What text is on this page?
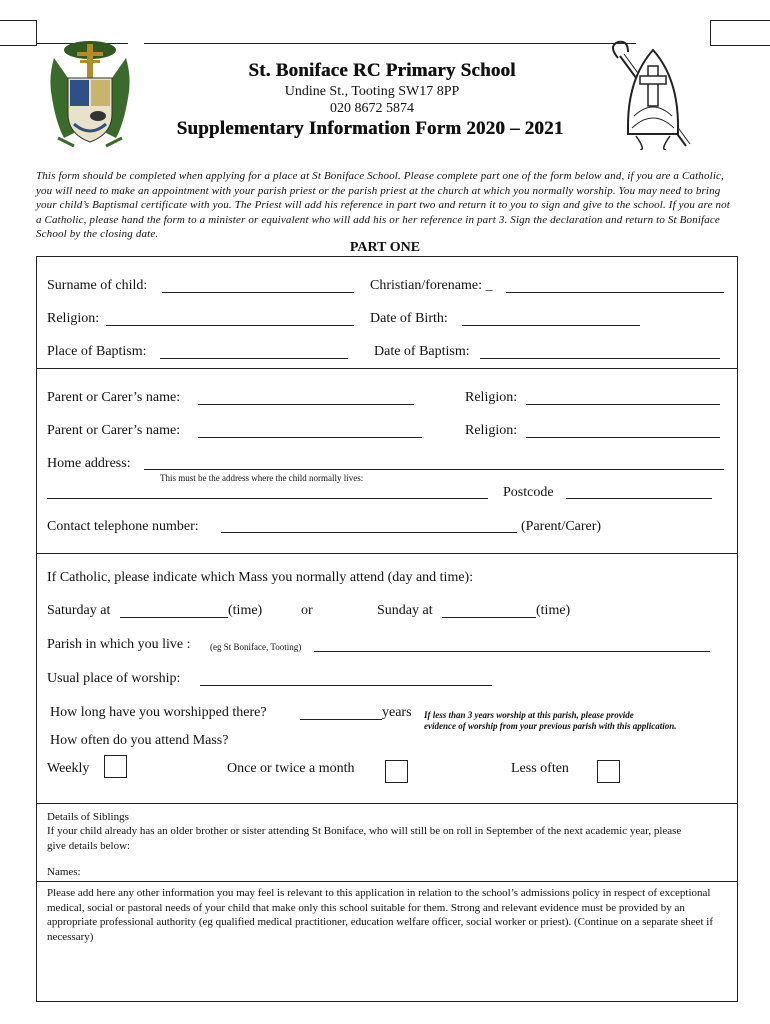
St. Boniface RC Primary School
Undine St., Tooting SW17 8PP
020 8672 5874
Supplementary Information Form 2020 – 2021
This form should be completed when applying for a place at St Boniface School. Please complete part one of the form below and, if you are a Catholic, you will need to make an appointment with your parish priest or the parish priest at the church at which you normally worship. You may need to bring your child’s Baptismal certificate with you. The Priest will add his reference in part two and return it to you to sign and give to the school. If you are not a Catholic, please hand the form to a minister or equivalent who will add his or her reference in part 3. Sign the declaration and return to St Boniface School by the closing date.
PART ONE
Surname of child:	Christian/forename: _
Religion:	Date of Birth:
Place of Baptism:	Date of Baptism:
Parent or Carer’s name:	Religion:
Parent or Carer’s name:	Religion:
Home address:
This must be the address where the child normally lives:
Postcode
Contact telephone number:	(Parent/Carer)
If Catholic, please indicate which Mass you normally attend (day and time):
Saturday at	(time)	or	Sunday at	(time)
Parish in which you live : (eg St Boniface, Tooting)
Usual place of worship:
How long have you worshipped there?	years If less than 3 years worship at this parish, please provide
evidence of worship from your previous parish with this application.
How often do you attend Mass?
Weekly	Once or twice a month	Less often
Details of Siblings
If your child already has an older brother or sister attending St Boniface, who will still be on roll in September of the next academic year, please give details below:
Names:
Please add here any other information you may feel is relevant to this application in relation to the school’s admissions policy in respect of exceptional medical, social or pastoral needs of your child that make only this school suitable for them. Strong and relevant evidence must be provided by an appropriate professional authority (eg qualified medical practitioner, education welfare officer, social worker or priest). (Continue on a separate sheet if necessary)
